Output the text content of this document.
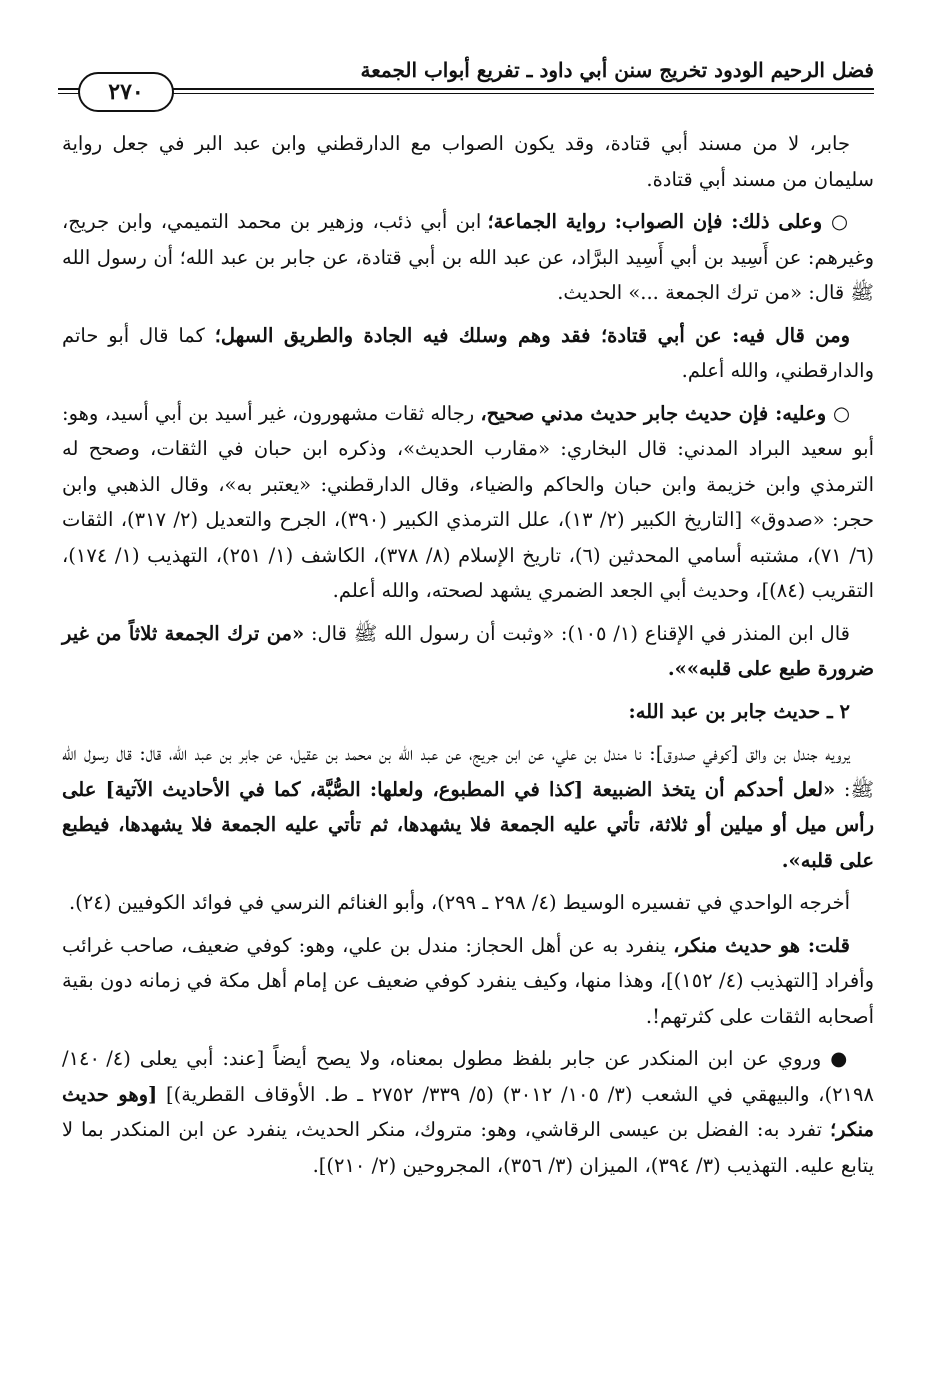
فضل الرحيم الودود تخريج سنن أبي داود ـ تفريع أبواب الجمعة
٢٧٠

جابر، لا من مسند أبي قتادة، وقد يكون الصواب مع الدارقطني وابن عبد البر في جعل رواية سليمان من مسند أبي قتادة.

○ وعلى ذلك: فإن الصواب: رواية الجماعة؛ ابن أبي ذئب، وزهير بن محمد التميمي، وابن جريج، وغيرهم: عن أَسِيد بن أبي أَسِيد البرَّاد، عن عبد الله بن أبي قتادة، عن جابر بن عبد الله؛ أن رسول الله ﷺ قال: «من ترك الجمعة ...» الحديث.

ومن قال فيه: عن أبي قتادة؛ فقد وهم وسلك فيه الجادة والطريق السهل؛ كما قال أبو حاتم والدارقطني، والله أعلم.

○ وعليه: فإن حديث جابر حديث مدني صحيح، رجاله ثقات مشهورون، غير أسيد بن أبي أسيد، وهو: أبو سعيد البراد المدني: قال البخاري: «مقارب الحديث»، وذكره ابن حبان في الثقات، وصحح له الترمذي وابن خزيمة وابن حبان والحاكم والضياء، وقال الدارقطني: «يعتبر به»، وقال الذهبي وابن حجر: «صدوق» [التاريخ الكبير (٢/ ١٣)، علل الترمذي الكبير (٣٩٠)، الجرح والتعديل (٢/ ٣١٧)، الثقات (٦/ ٧١)، مشتبه أسامي المحدثين (٦)، تاريخ الإسلام (٨/ ٣٧٨)، الكاشف (١/ ٢٥١)، التهذيب (١/ ١٧٤)، التقريب (٨٤)]، وحديث أبي الجعد الضمري يشهد لصحته، والله أعلم.

قال ابن المنذر في الإقناع (١/ ١٠٥): «وثبت أن رسول الله ﷺ قال: «من ترك الجمعة ثلاثاً من غير ضرورة طبع على قلبه»».

٢ ـ حديث جابر بن عبد الله:

يرويه جندل بن والق [كوفي صدوق]: نا مندل بن علي، عن ابن جريج، عن عبد الله بن محمد بن عقيل، عن جابر بن عبد الله، قال: قال رسول الله ﷺ: «لعل أحدكم أن يتخذ الضبيعة [كذا في المطبوع، ولعلها: الصُّبَّة، كما في الأحاديث الآتية] على رأس ميل أو ميلين أو ثلاثة، تأتي عليه الجمعة فلا يشهدها، ثم تأتي عليه الجمعة فلا يشهدها، فيطبع على قلبه».

أخرجه الواحدي في تفسيره الوسيط (٤/ ٢٩٨ ـ ٢٩٩)، وأبو الغنائم النرسي في فوائد الكوفيين (٢٤).

قلت: هو حديث منكر، ينفرد به عن أهل الحجاز: مندل بن علي، وهو: كوفي ضعيف، صاحب غرائب وأفراد [التهذيب (٤/ ١٥٢)]، وهذا منها، وكيف ينفرد كوفي ضعيف عن إمام أهل مكة في زمانه دون بقية أصحابه الثقات على كثرتهم!.

● وروي عن ابن المنكدر عن جابر بلفظ مطول بمعناه، ولا يصح أيضاً [عند: أبي يعلى (٤/ ١٤٠/ ٢١٩٨)، والبيهقي في الشعب (٣/ ١٠٥/ ٣٠١٢) (٥/ ٣٣٩/ ٢٧٥٢ ـ ط. الأوقاف القطرية)] [وهو حديث منكر؛ تفرد به: الفضل بن عيسى الرقاشي، وهو: متروك، منكر الحديث، ينفرد عن ابن المنكدر بما لا يتابع عليه. التهذيب (٣/ ٣٩٤)، الميزان (٣/ ٣٥٦)، المجروحين (٢/ ٢١٠)].
